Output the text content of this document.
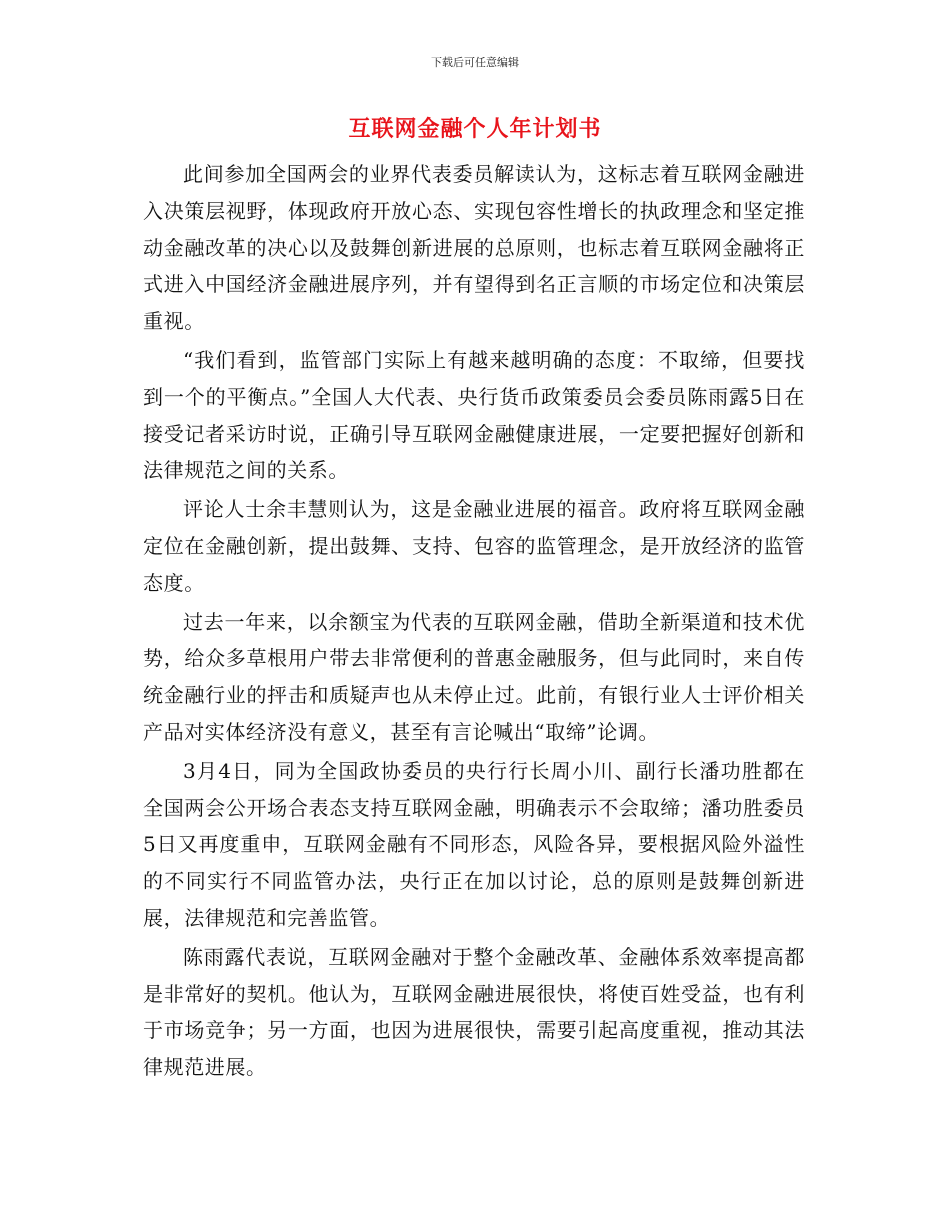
下载后可任意编辑
互联网金融个人年计划书

此间参加全国两会的业界代表委员解读认为，这标志着互联网金融进入决策层视野，体现政府开放心态、实现包容性增长的执政理念和坚定推动金融改革的决心以及鼓舞创新进展的总原则，也标志着互联网金融将正式进入中国经济金融进展序列，并有望得到名正言顺的市场定位和决策层重视。

“我们看到，监管部门实际上有越来越明确的态度：不取缔，但要找到一个的平衡点。”全国人大代表、央行货币政策委员会委员陈雨露5日在接受记者采访时说，正确引导互联网金融健康进展，一定要把握好创新和法律规范之间的关系。

评论人士余丰慧则认为，这是金融业进展的福音。政府将互联网金融定位在金融创新，提出鼓舞、支持、包容的监管理念，是开放经济的监管态度。

过去一年来，以余额宝为代表的互联网金融，借助全新渠道和技术优势，给众多草根用户带去非常便利的普惠金融服务，但与此同时，来自传统金融行业的抨击和质疑声也从未停止过。此前，有银行业人士评价相关产品对实体经济没有意义，甚至有言论喊出“取缔”论调。

3月4日，同为全国政协委员的央行行长周小川、副行长潘功胜都在全国两会公开场合表态支持互联网金融，明确表示不会取缔；潘功胜委员5日又再度重申，互联网金融有不同形态，风险各异，要根据风险外溢性的不同实行不同监管办法，央行正在加以讨论，总的原则是鼓舞创新进展，法律规范和完善监管。

陈雨露代表说，互联网金融对于整个金融改革、金融体系效率提高都是非常好的契机。他认为，互联网金融进展很快，将使百姓受益，也有利于市场竞争；另一方面，也因为进展很快，需要引起高度重视，推动其法律规范进展。
